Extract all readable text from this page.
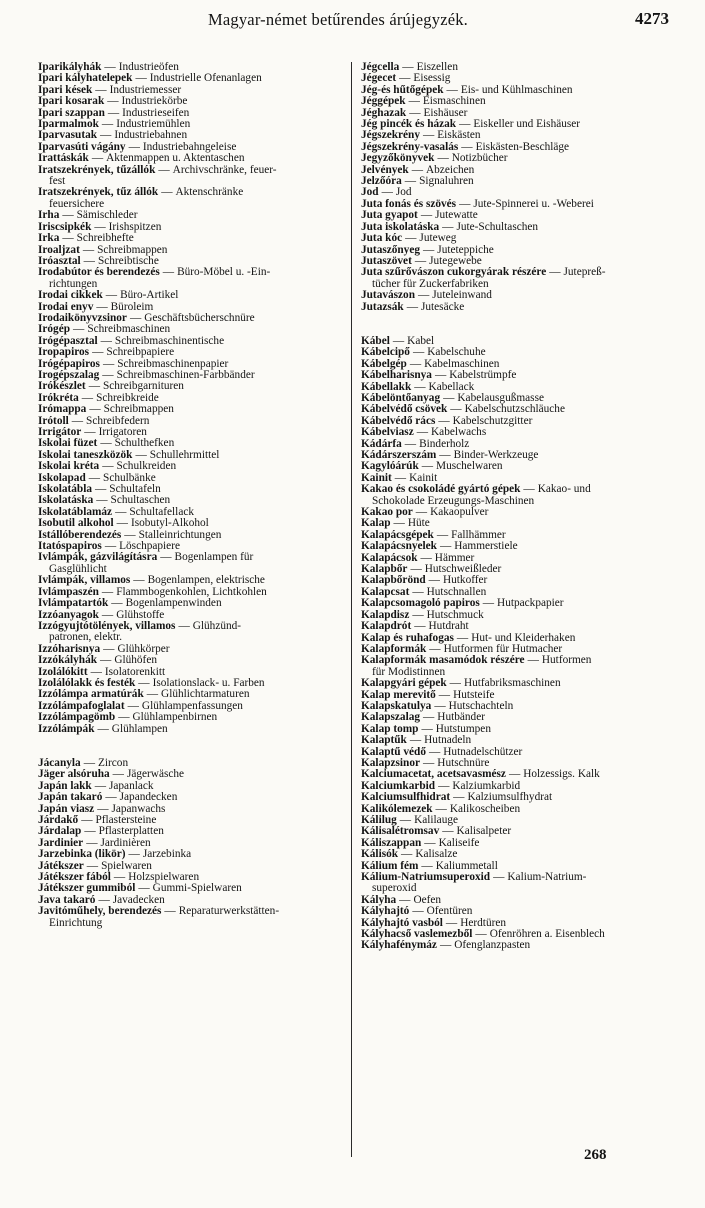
Magyar-német betűrendes árújegyzék.	4273
Iparikályhák — Industrieöfen
Ipari kályhatelepek — Industrielle Ofenanlagen
Ipari kések — Industriemesser
Ipari kosarak — Industriekörbe
Ipari szappan — Industrieseifen
Iparmalmok — Industriemühlen
Iparvasutak — Industriebahnen
Iparvasúti vágány — Industriebahngeleise
Irattáskák — Aktenmappen u. Aktentaschen
Iratszekrények, tűzállók — Archivschränke, feuer-
fest
Iratszekrények, tűz állók — Aktenschränke
feuersichere
Irha — Sämischleder
Iriscsipkék — Irishspitzen
Irka — Schreibhefte
Iroaljzat — Schreibmappen
Iróasztal — Schreibtische
Irodabútor és berendezés — Büro-Möbel u. -Ein-
richtungen
Irodai cikkek — Büro-Artikel
Irodai enyv — Büroleim
Irodaikönyvzsinor — Geschäftsbücherschnüre
Irógép — Schreibmaschinen
Irógépasztal — Schreibmaschinentische
Iropapiros — Schreibpapiere
Irógépapiros — Schreibmaschinenpapier
Irogépszalag — Schreibmaschinen-Farbbänder
Irókészlet — Schreibgarnituren
Irókréta — Schreibkreide
Irómappa — Schreibmappen
Irótoll — Schreibfedern
Irrigátor — Irrigatoren
Iskolai füzet — Schulthefken
Iskolai taneszközök — Schullehrmittel
Iskolai kréta — Schulkreiden
Iskolapad — Schulbänke
Iskolatábla — Schultafeln
Iskolatáska — Schultaschen
Iskolatáblamáz — Schultafellack
Isobutil alkohol — Isobutyl-Alkohol
Istállóberendezés — Stalleinrichtungen
Itatóspapiros — Löschpapiere
Ivlámpák, gázvilágításra — Bogenlampen für
Gasglühlicht
Ivlámpák, villamos — Bogenlampen, elektrische
Ivlámpaszén — Flammbogenkohlen, Lichtkohlen
Ivlámpatartók — Bogenlampenwinden
Izzóanyagok — Glühstoffe
Izzógyujtótölények, villamos — Glühzünd-
patronen, elektr.
Izzóharisnya — Glühkörper
Izzókályhák — Glühöfen
Izolálókitt — Isolatorenkitt
Izolálólakk és festék — Isolationslack- u. Farben
Izzólámpa armatúrák — Glühlichtarmaturen
Izzólámpafoglalat — Glühlampenfassungen
Izzólámpagömb — Glühlampenbirnen
Izzólámpák — Glühlampen
Jácanyla — Zircon
Jäger alsóruha — Jägerwäsche
Japán lakk — Japanlack
Japán takaró — Japandecken
Japán viasz — Japanwachs
Járdakő — Pflastersteine
Járdalap — Pflasterplatten
Jardinier — Jardinièren
Jarzebinka (likör) — Jarzebinka
Játékszer — Spielwaren
Játékszer fából — Holzspielwaren
Játékszer gummiból — Gummi-Spielwaren
Java takaró — Javadecken
Javitóműhely, berendezés — Reparaturwerkstätten-
Einrichtung
Jégcella — Eiszellen
Jégecet — Eisessig
Jég-és hűtőgépek — Eis- und Kühlmaschinen
Jéggépek — Eismaschinen
Jéghazak — Eishäuser
Jég pincék és házak — Eiskeller und Eishäuser
Jégszekrény — Eiskästen
Jégszekrény-vasalás — Eiskästen-Beschläge
Jegyzőkönyvek — Notizbücher
Jelvények — Abzeichen
Jelzőóra — Signaluhren
Jod — Jod
Juta fonás és szövés — Jute-Spinnerei u. -Weberei
Juta gyapot — Jutewatte
Juta iskolatáska — Jute-Schultaschen
Juta kóc — Juteweg
Jutaszőnyeg — Juteteppiche
Jutaszövet — Jutegewebe
Juta szűrővászon cukorgyárak részére — Jutepreß-
tücher für Zuckerfabriken
Jutavászon — Juteleinwand
Jutazsák — Jutesäcke
Kábel — Kabel
Kábelcipő — Kabelschuhe
Kábelgép — Kabelmaschinen
Kábelharisnya — Kabelstrümpfe
Kábellakk — Kabellack
Kábelöntőanyag — Kabelausgußmasse
Kábelvédő csövek — Kabelschutzschläuche
Kábelvédő rács — Kabelschutzgitter
Kábelviasz — Kabelwachs
Kádárfa — Binderholz
Kádárszerszám — Binder-Werkzeuge
Kagylóárúk — Muschelwaren
Kainit — Kainit
Kakao és csokoládé gyártó gépek — Kakao- und
Schokolade Erzeugungs-Maschinen
Kakao por — Kakaopulver
Kalap — Hüte
Kalapácsgépek — Fallhämmer
Kalapácsnyelek — Hammerstiele
Kalapácsok — Hämmer
Kalapbőr — Hutschweißleder
Kalapbőrönd — Hutkoffer
Kalapcsat — Hutschnallen
Kalapcsomagoló papiros — Hutpackpapier
Kalapdisz — Hutschmuck
Kalapdrót — Hutdraht
Kalap és ruhafogas — Hut- und Kleiderhaken
Kalapformák — Hutformen für Hutmacher
Kalapformák masamódok részére — Hutformen
für Modistinnen
Kalapgyári gépek — Hutfabriksmaschinen
Kalap merevitő — Hutsteife
Kalapskatulya — Hutschachteln
Kalapszalag — Hutbänder
Kalap tomp — Hutstumpen
Kalaptűk — Hutnadeln
Kalaptű védő — Hutnadelschützer
Kalapzsinor — Hutschnüre
Kalciumacetat, acetsavasmész — Holzessigs. Kalk
Kalciumkarbid — Kalziumkarbid
Kalciumsulfhidrat — Kalziumsulfhydrat
Kalikólemezek — Kalikoscheiben
Kálilug — Kalilauge
Kálisalétromsav — Kalisalpeter
Káliszappan — Kaliseife
Kálisók — Kalisalze
Kálium fém — Kaliummetall
Kálium-Natriumsuperoxid — Kalium-Natrium-
superoxid
Kályha — Oefen
Kályhajtó — Ofentüren
Kályhajtó vasból — Herdtüren
Kályhacső vaslemezből — Ofenröhren a. Eisenblech
Kályhafénymáz — Ofenglanzpasten
268
